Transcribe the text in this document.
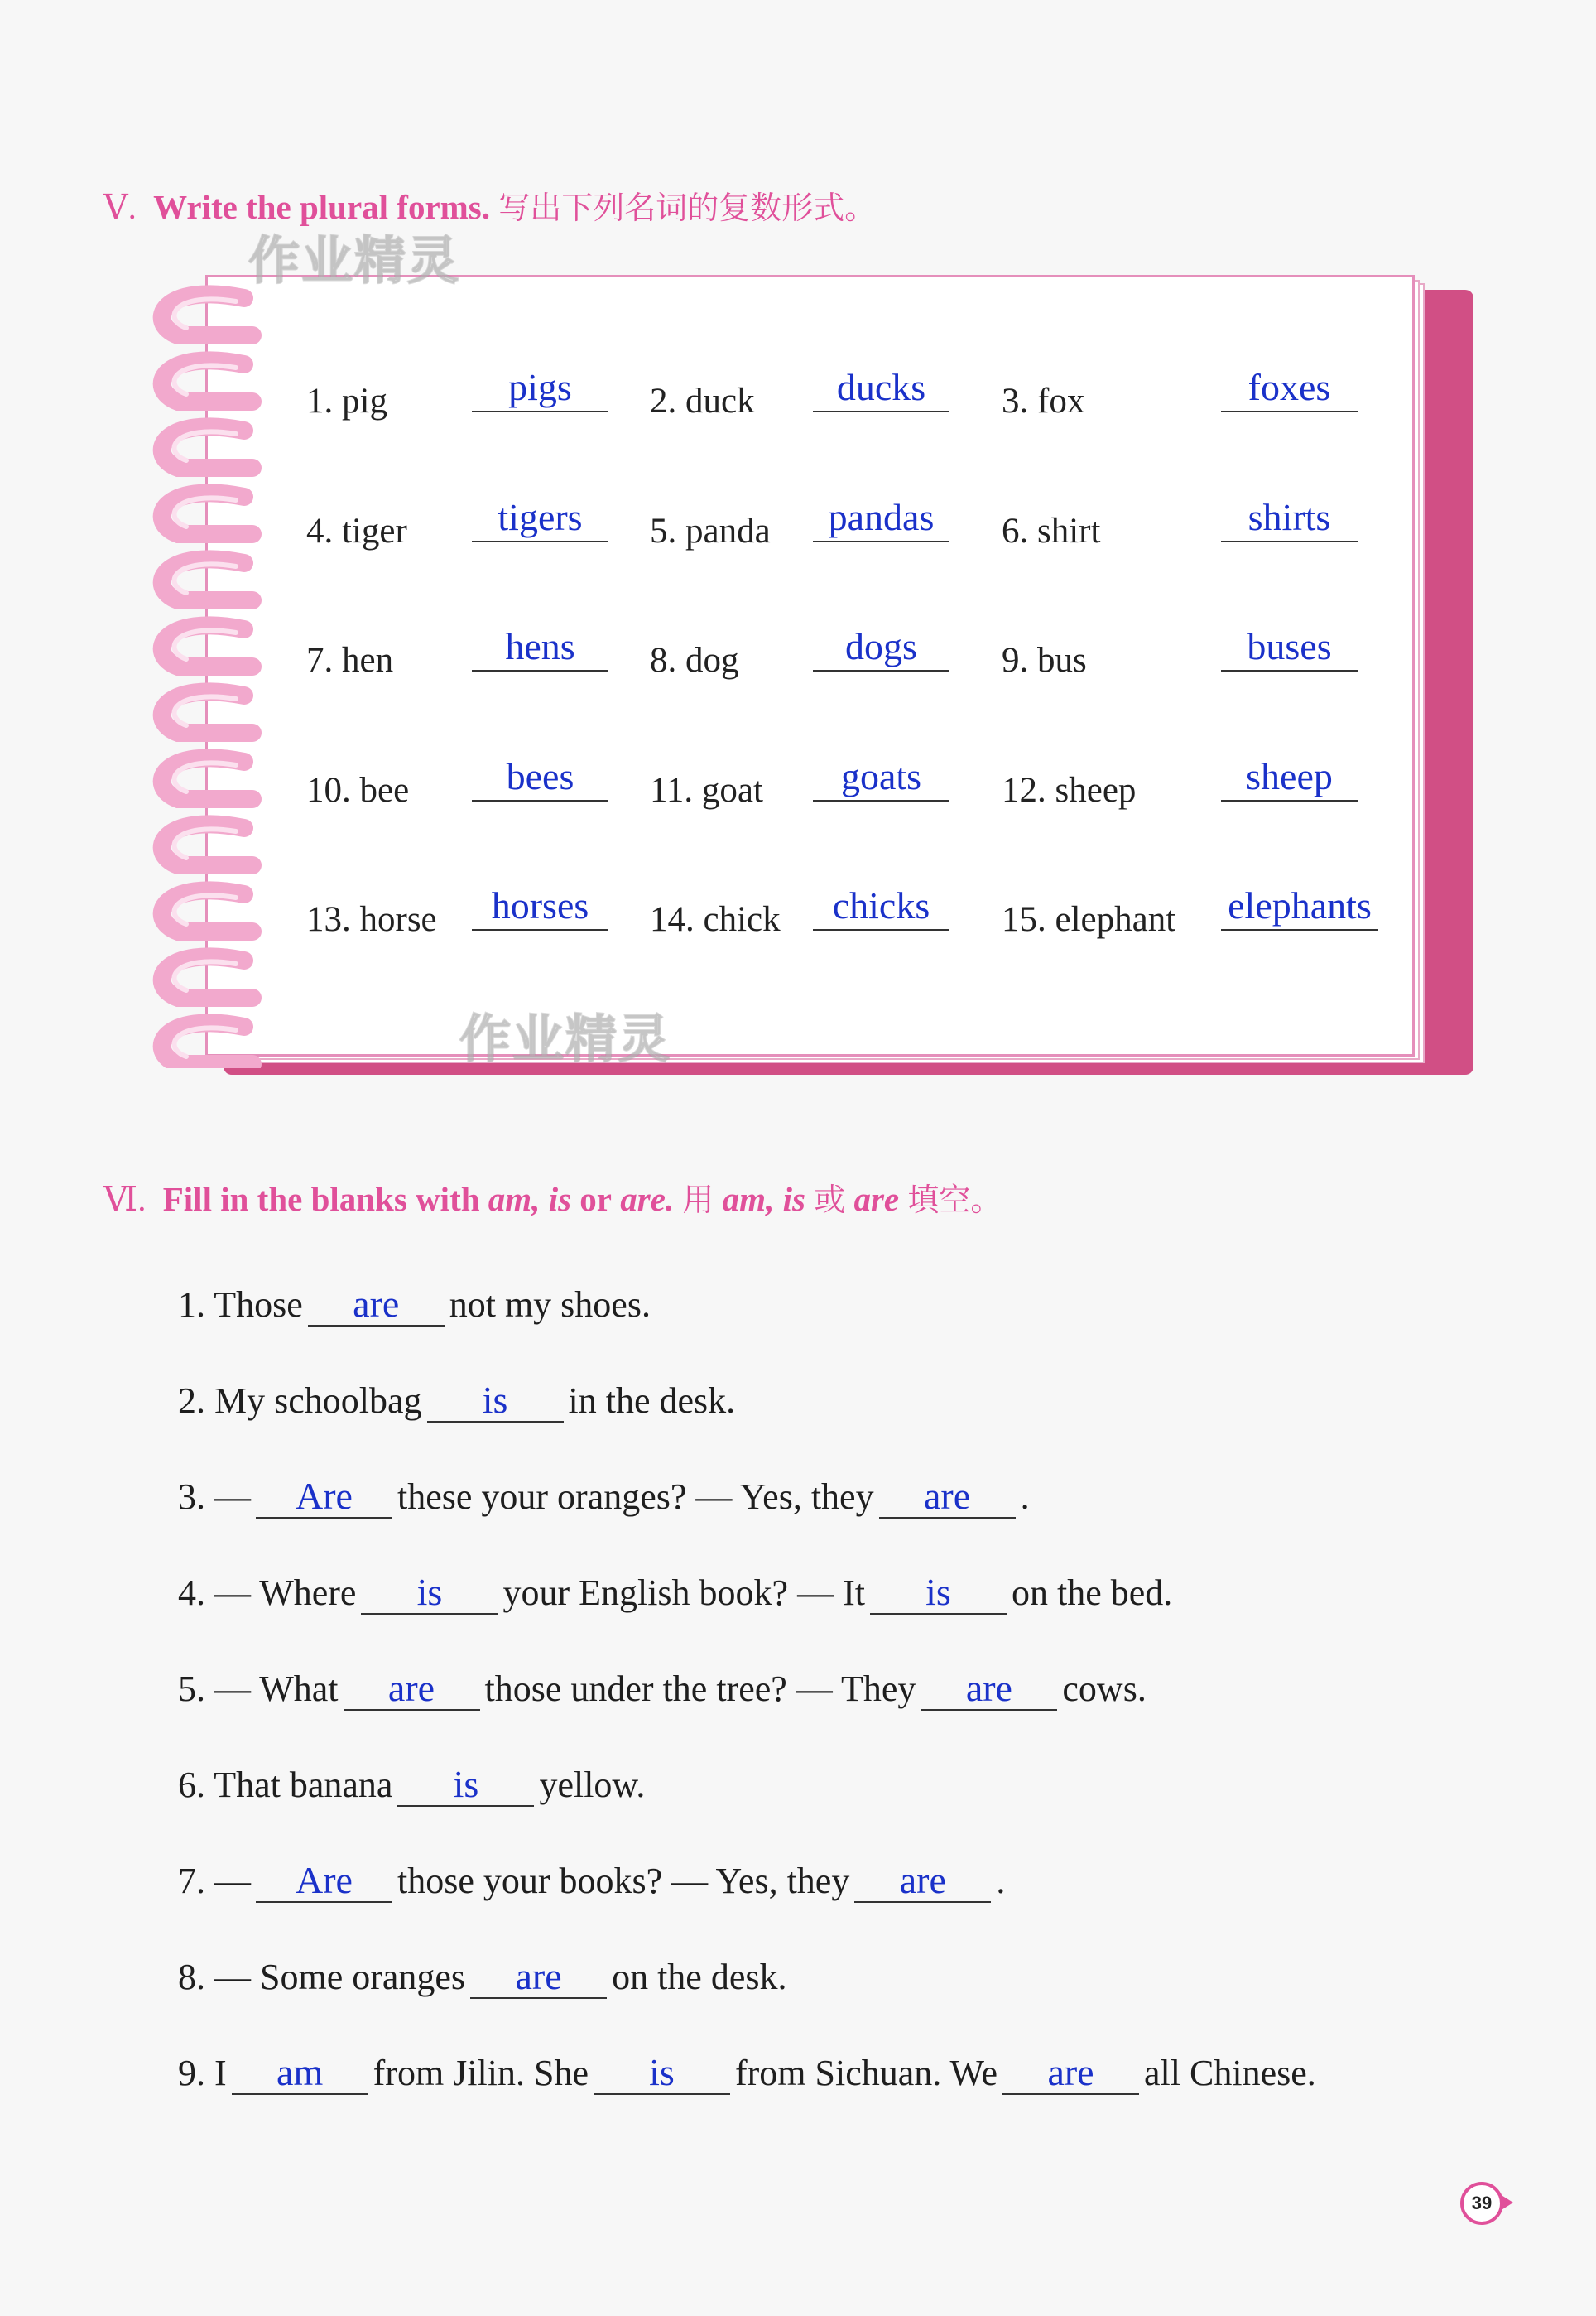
Ⅴ. Write the plural forms. 写出下列名词的复数形式。
1. pig	pigs	2. duck	ducks	3. fox	foxes
4. tiger	tigers	5. panda	pandas	6. shirt	shirts
7. hen	hens	8. dog	dogs	9. bus	buses
10. bee	bees	11. goat	goats	12. sheep	sheep
13. horse	horses	14. chick	chicks	15. elephant elephants
作业精灵
作业精灵
Ⅵ. Fill in the blanks with am, is or are. 用 am, is 或 are 填空。
1. Those are not my shoes.
2. My schoolbag is in the desk.
3. — Are these your oranges? — Yes, they are .
4. — Where is your English book? — It is on the bed.
5. — What are those under the tree? — They are cows.
6. That banana is yellow.
7. — Are those your books? — Yes, they are .
8. — Some oranges are on the desk.
9. I am from Jilin. She is from Sichuan. We are all Chinese.
39
